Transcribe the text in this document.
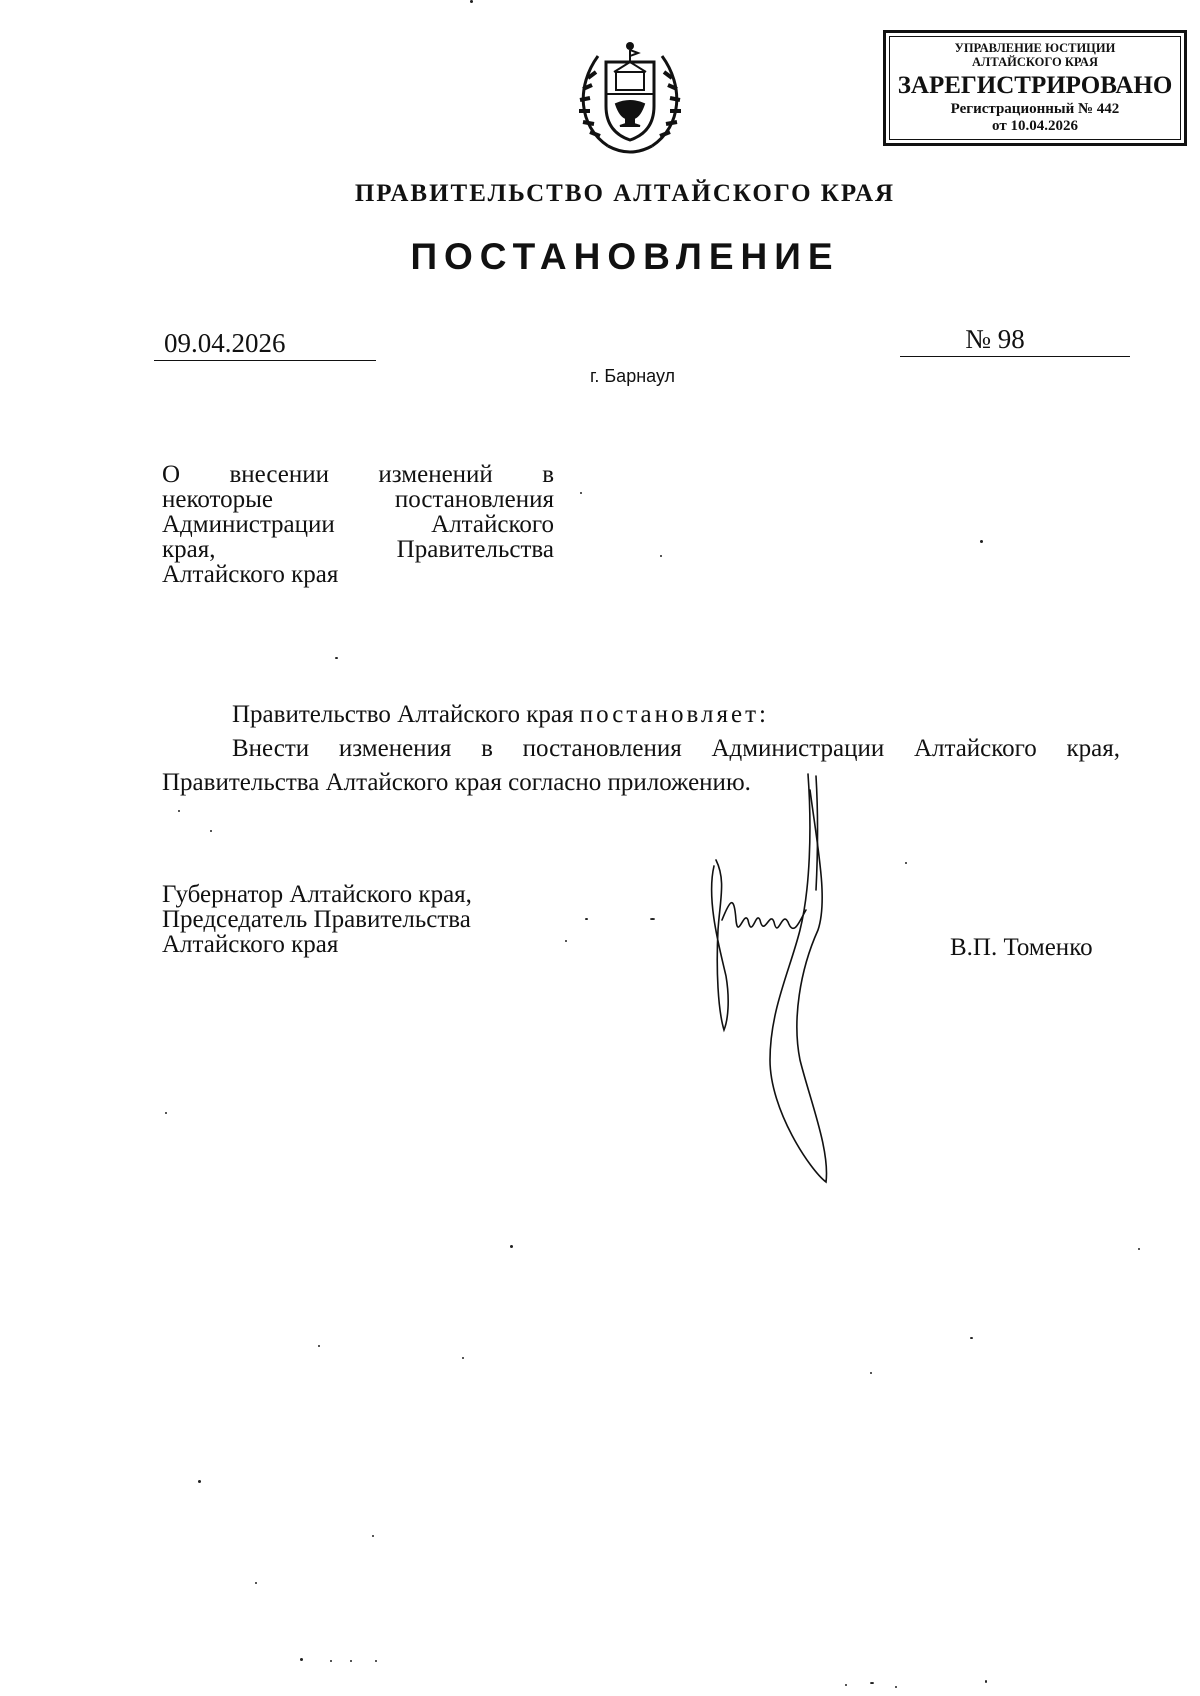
УПРАВЛЕНИЕ ЮСТИЦИИ
АЛТАЙСКОГО КРАЯ
ЗАРЕГИСТРИРОВАНО
Регистрационный № 442
от 10.04.2026
ПРАВИТЕЛЬСТВО АЛТАЙСКОГО КРАЯ
ПОСТАНОВЛЕНИЕ
09.04.2026	№ 98
г. Барнаул
О внесении изменений в
некоторые постановления
Администрации Алтайского
края, Правительства
Алтайского края
Правительство Алтайского края постановляет:
Внести изменения в постановления Администрации Алтайского края,
Правительства Алтайского края согласно приложению.
Губернатор Алтайского края,
Председатель Правительства
Алтайского края	В.П. Томенко
